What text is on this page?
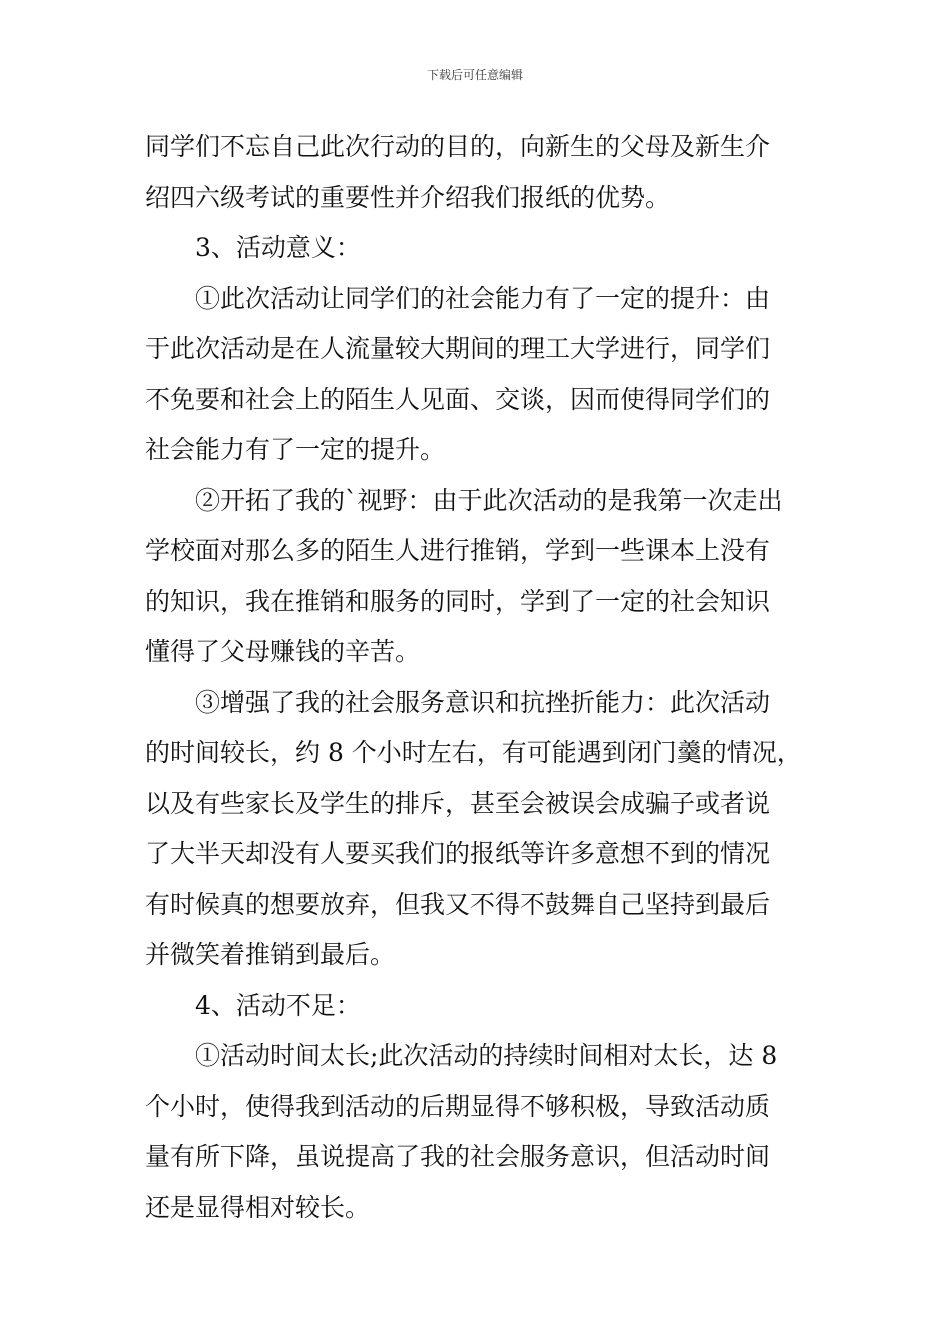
下载后可任意编辑

同学们不忘自己此次行动的目的，向新生的父母及新生介

绍四六级考试的重要性并介绍我们报纸的优势。

3、活动意义：

①此次活动让同学们的社会能力有了一定的提升：由

于此次活动是在人流量较大期间的理工大学进行，同学们

不免要和社会上的陌生人见面、交谈，因而使得同学们的

社会能力有了一定的提升。

②开拓了我的`视野：由于此次活动的是我第一次走出

学校面对那么多的陌生人进行推销，学到一些课本上没有

的知识，我在推销和服务的同时，学到了一定的社会知识

懂得了父母赚钱的辛苦。

③增强了我的社会服务意识和抗挫折能力：此次活动

的时间较长，约 8 个小时左右，有可能遇到闭门羹的情况，

以及有些家长及学生的排斥，甚至会被误会成骗子或者说

了大半天却没有人要买我们的报纸等许多意想不到的情况

有时候真的想要放弃，但我又不得不鼓舞自己坚持到最后

并微笑着推销到最后。

4、活动不足：

①活动时间太长;此次活动的持续时间相对太长，达 8

个小时，使得我到活动的后期显得不够积极，导致活动质

量有所下降，虽说提高了我的社会服务意识，但活动时间

还是显得相对较长。
